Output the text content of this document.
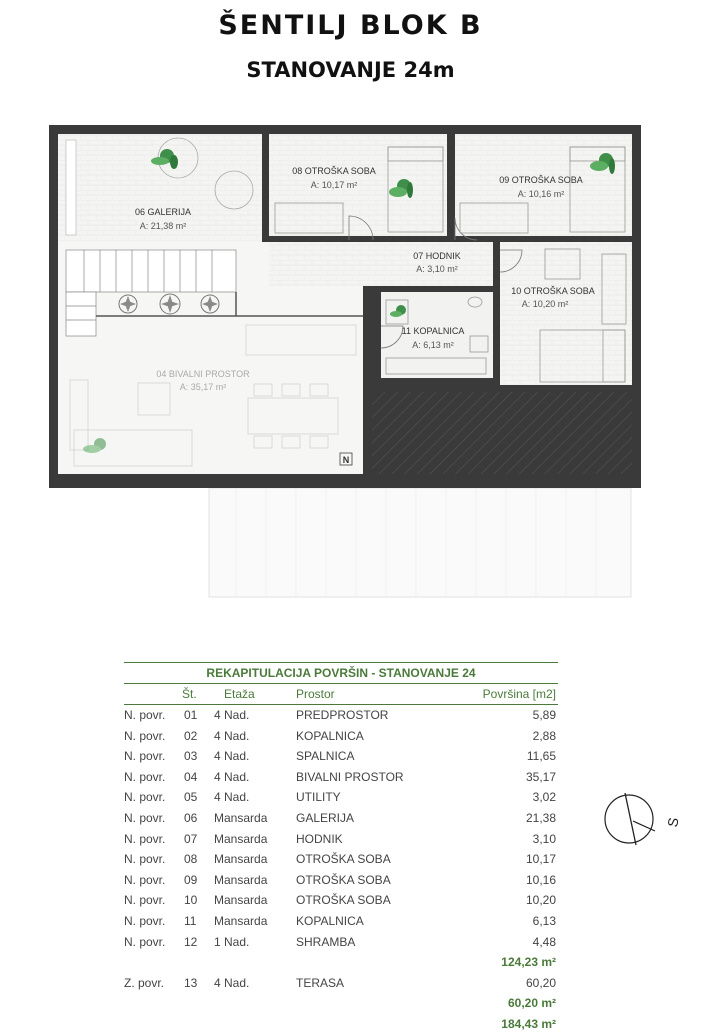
ŠENTILJ BLOK B
STANOVANJE 24m
N
06 GALERIJA
A: 21,38 m²
08 OTROŠKA SOBA
A: 10,17 m²	09 OTROŠKA SOBA
A: 10,16 m²
07 HODNIK
A: 3,10 m²
10 OTROŠKA SOBA
A: 10,20 m²
11 KOPALNICA
A: 6,13 m²
04 BIVALNI PROSTOR
A: 35,17 m²
REKAPITULACIJA POVRŠIN - STANOVANJE 24				
	Št.	Etaža	Prostor	Površina [m2]
N. povr.	01	4 Nad.	PREDPROSTOR	5,89
N. povr.	02	4 Nad.	KOPALNICA	2,88
N. povr.	03	4 Nad.	SPALNICA	11,65
N. povr.	04	4 Nad.	BIVALNI PROSTOR	35,17
N. povr.	05	4 Nad.	UTILITY	3,02
N. povr.	06	Mansarda	GALERIJA	21,38
N. povr.	07	Mansarda	HODNIK	3,10
N. povr.	08	Mansarda	OTROŠKA SOBA	10,17
N. povr.	09	Mansarda	OTROŠKA SOBA	10,16
N. povr.	10	Mansarda	OTROŠKA SOBA	10,20
N. povr.	11	Mansarda	KOPALNICA	6,13
N. povr.	12	1 Nad.	SHRAMBA	4,48
				124,23 m²
Z. povr.	13	4 Nad.	TERASA	60,20
				60,20 m²
				184,43 m²
S
